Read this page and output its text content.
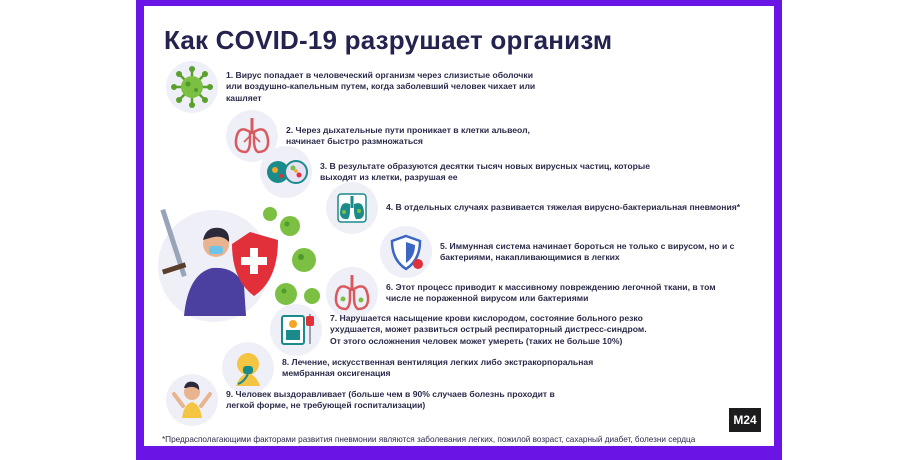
Как COVID-19 разрушает организм
1. Вирус попадает в человеческий организм через слизистые оболочки или воздушно-капельным путем, когда заболевший человек чихает или кашляет
2. Через дыхательные пути проникает в клетки альвеол, начинает быстро размножаться
3. В результате образуются десятки тысяч новых вирусных частиц, которые выходят из клетки, разрушая ее
4. В отдельных случаях развивается тяжелая вирусно-бактериальная пневмония*
5. Иммунная система начинает бороться не только с вирусом, но и с бактериями, накапливающимися в легких
6. Этот процесс приводит к массивному повреждению легочной ткани, в том числе не пораженной вирусом или бактериями
7. Нарушается насыщение крови кислородом, состояние больного резко ухудшается, может развиться острый респираторный дистресс-синдром. От этого осложнения человек может умереть (таких не больше 10%)
8. Лечение, искусственная вентиляция легких либо экстракорпоральная мембранная оксигенация
9. Человек выздоравливает (больше чем в 90% случаев болезнь проходит в легкой форме, не требующей госпитализации)
М24
*Предрасполагающими факторами развития пневмонии являются заболевания легких, пожилой возраст, сахарный диабет, болезни сердца
